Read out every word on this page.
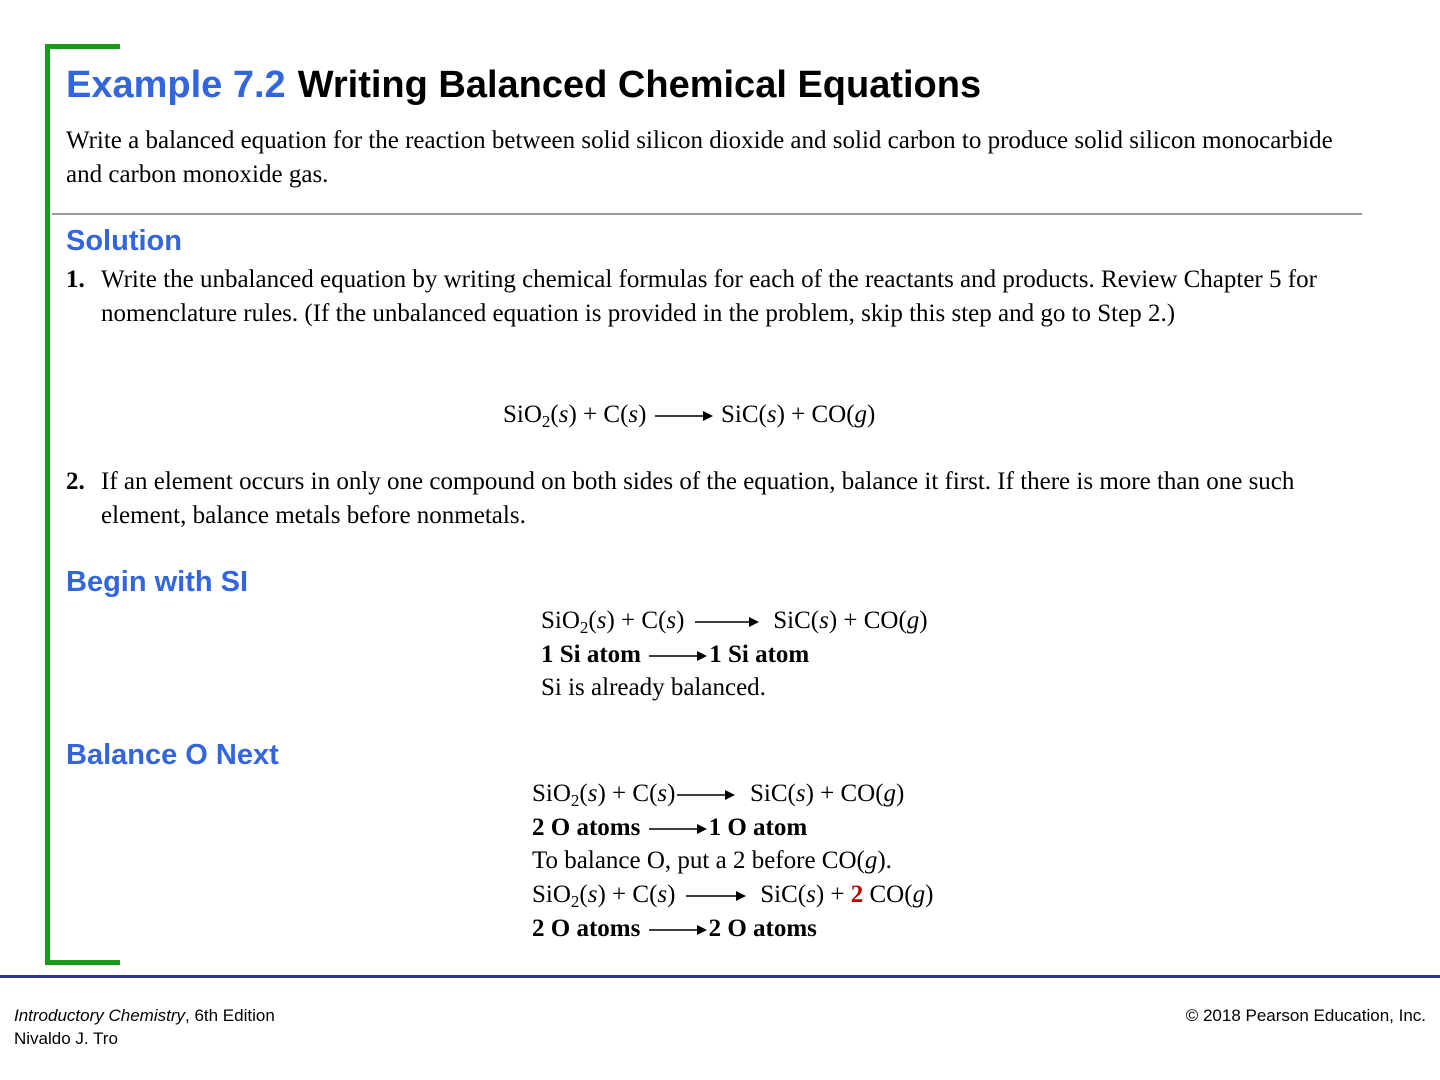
Example 7.2 Writing Balanced Chemical Equations
Write a balanced equation for the reaction between solid silicon dioxide and solid carbon to produce solid silicon monocarbide and carbon monoxide gas.
Solution
1. Write the unbalanced equation by writing chemical formulas for each of the reactants and products. Review Chapter 5 for nomenclature rules. (If the unbalanced equation is provided in the problem, skip this step and go to Step 2.)
SiO$_2$(s) + C(s)  SiC(s) + CO(g)
2. If an element occurs in only one compound on both sides of the equation, balance it first. If there is more than one such element, balance metals before nonmetals.
Begin with SI
SiO$_2$(s) + C(s)	SiC(s) + CO(g)
1 Si atom	1 Si atom
Si is already balanced.
Balance O Next
SiO$_2$(s) + C(s)  SiC(s) + CO(g)
2 O atoms	1 O atom
To balance O, put a 2 before CO(g).
SiO$_2$(s) + C(s)	SiC(s) + 2 CO(g)
2 O atoms	2 O atoms
Introductory Chemistry, 6th Edition
Nivaldo J. Tro
© 2018 Pearson Education, Inc.
